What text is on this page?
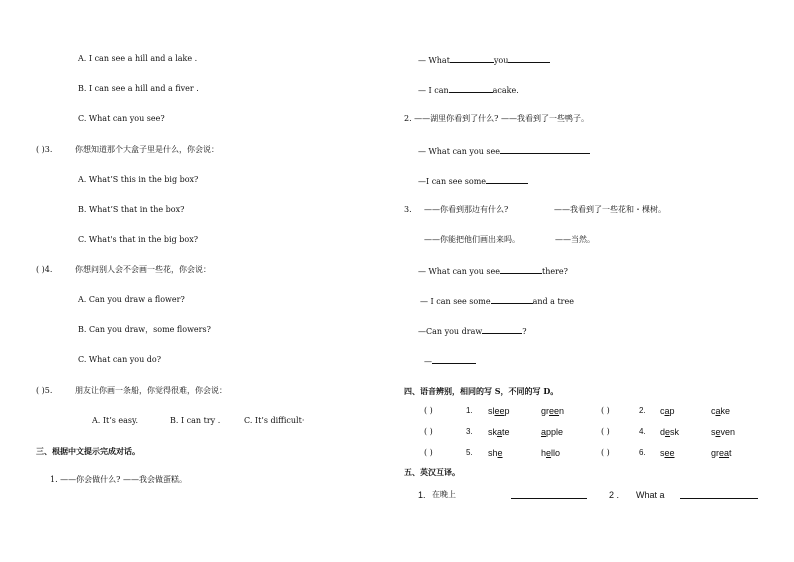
A. I can see a hill and a lake .
B. I can see a hill and a fiver .
C. What can you see?
( )3.	你想知道那个大盒子里是什么，你会说：
A. What’S this in the big box?
B. What’S that in the box?
C. What's that in the big box?
( )4.	你想问别人会不会画一些花，你会说：
A. Can you draw a flower?
B. Can you draw，some flowers?
C. What can you do?
( )5.	朋友让你画一条船，你觉得很难，你会说：
A. It’s easy.	B. I can try .	C. It’s difficult·
三、根据中文提示完成对话。
1. ——你会做什么? ——我会做蛋糕。
— What	you
— I can	acake.
2. ——湖里你看到了什么? ——我看到了一些鸭子。
— What can you see
—I can see some
3. ——你看到那边有什么?	——我看到了一些花和・棵树。
——你能把他们画出来吗。	——当然。
— What can you see	there?
— I can see some	and a tree
—Can you draw	?
—
四、语音辨别，相同的写 S，不同的写 D。
( )	1. sleep	green	( )	2. cap	cake
( )	3. skate	apple	( )	4. desk	seven
( )	5. she	hello	( )	6. see	great
五、英汉互译。
1. 在晚上	2 . What a
